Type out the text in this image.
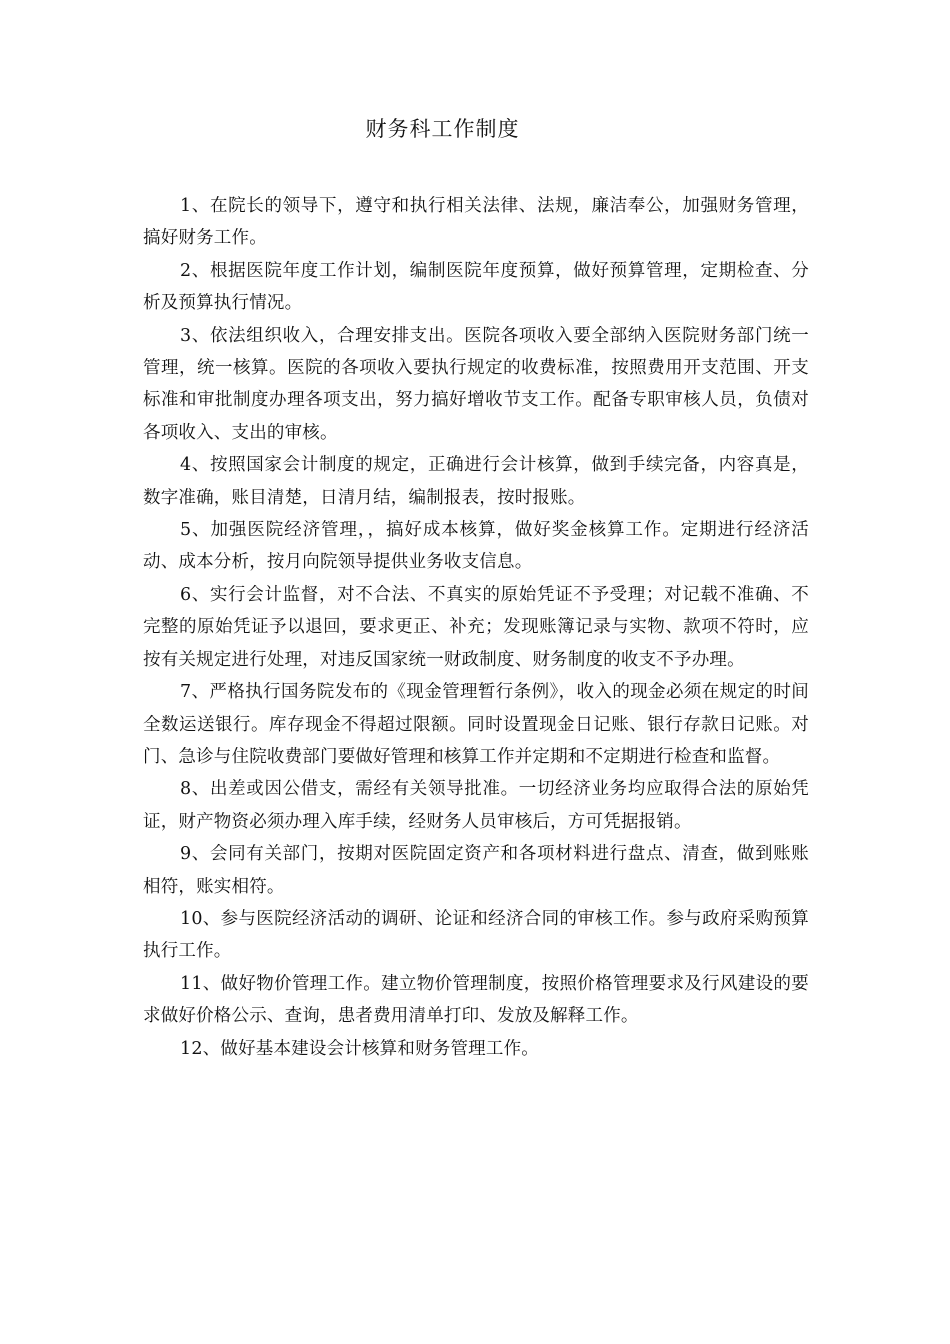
财务科工作制度

1、在院长的领导下，遵守和执行相关法律、法规，廉洁奉公，加强财务管理，搞好财务工作。

2、根据医院年度工作计划，编制医院年度预算，做好预算管理，定期检查、分析及预算执行情况。

3、依法组织收入，合理安排支出。医院各项收入要全部纳入医院财务部门统一管理，统一核算。医院的各项收入要执行规定的收费标准，按照费用开支范围、开支标准和审批制度办理各项支出，努力搞好增收节支工作。配备专职审核人员，负债对各项收入、支出的审核。

4、按照国家会计制度的规定，正确进行会计核算，做到手续完备，内容真是，数字准确，账目清楚，日清月结，编制报表，按时报账。

5、加强医院经济管理，，搞好成本核算，做好奖金核算工作。定期进行经济活动、成本分析，按月向院领导提供业务收支信息。

6、实行会计监督，对不合法、不真实的原始凭证不予受理；对记载不准确、不完整的原始凭证予以退回，要求更正、补充；发现账簿记录与实物、款项不符时，应按有关规定进行处理，对违反国家统一财政制度、财务制度的收支不予办理。

7、严格执行国务院发布的《现金管理暂行条例》，收入的现金必须在规定的时间全数运送银行。库存现金不得超过限额。同时设置现金日记账、银行存款日记账。对门、急诊与住院收费部门要做好管理和核算工作并定期和不定期进行检查和监督。

8、出差或因公借支，需经有关领导批准。一切经济业务均应取得合法的原始凭证，财产物资必须办理入库手续，经财务人员审核后，方可凭据报销。

9、会同有关部门，按期对医院固定资产和各项材料进行盘点、清查，做到账账相符，账实相符。

10、参与医院经济活动的调研、论证和经济合同的审核工作。参与政府采购预算执行工作。

11、做好物价管理工作。建立物价管理制度，按照价格管理要求及行风建设的要求做好价格公示、查询，患者费用清单打印、发放及解释工作。

12、做好基本建设会计核算和财务管理工作。
